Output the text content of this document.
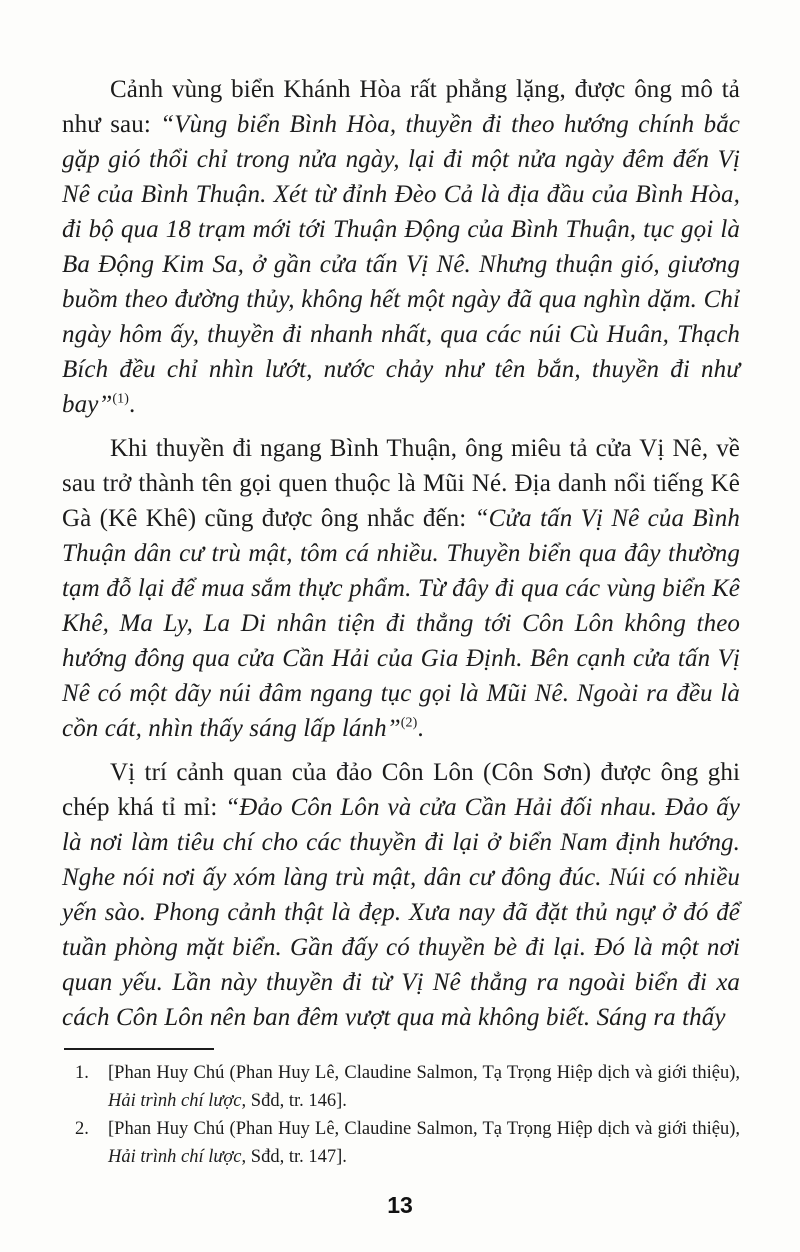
Cảnh vùng biển Khánh Hòa rất phẳng lặng, được ông mô tả như sau: “Vùng biển Bình Hòa, thuyền đi theo hướng chính bắc gặp gió thổi chỉ trong nửa ngày, lại đi một nửa ngày đêm đến Vị Nê của Bình Thuận. Xét từ đỉnh Đèo Cả là địa đầu của Bình Hòa, đi bộ qua 18 trạm mới tới Thuận Động của Bình Thuận, tục gọi là Ba Động Kim Sa, ở gần cửa tấn Vị Nê. Nhưng thuận gió, giương buồm theo đường thủy, không hết một ngày đã qua nghìn dặm. Chỉ ngày hôm ấy, thuyền đi nhanh nhất, qua các núi Cù Huân, Thạch Bích đều chỉ nhìn lướt, nước chảy như tên bắn, thuyền đi như bay”$^{(1)}$.

Khi thuyền đi ngang Bình Thuận, ông miêu tả cửa Vị Nê, về sau trở thành tên gọi quen thuộc là Mũi Né. Địa danh nổi tiếng Kê Gà (Kê Khê) cũng được ông nhắc đến: “Cửa tấn Vị Nê của Bình Thuận dân cư trù mật, tôm cá nhiều. Thuyền biển qua đây thường tạm đỗ lại để mua sắm thực phẩm. Từ đây đi qua các vùng biển Kê Khê, Ma Ly, La Di nhân tiện đi thẳng tới Côn Lôn không theo hướng đông qua cửa Cần Hải của Gia Định. Bên cạnh cửa tấn Vị Nê có một dãy núi đâm ngang tục gọi là Mũi Nê. Ngoài ra đều là cồn cát, nhìn thấy sáng lấp lánh”$^{(2)}$.

Vị trí cảnh quan của đảo Côn Lôn (Côn Sơn) được ông ghi chép khá tỉ mỉ: “Đảo Côn Lôn và cửa Cần Hải đối nhau. Đảo ấy là nơi làm tiêu chí cho các thuyền đi lại ở biển Nam định hướng. Nghe nói nơi ấy xóm làng trù mật, dân cư đông đúc. Núi có nhiều yến sào. Phong cảnh thật là đẹp. Xưa nay đã đặt thủ ngự ở đó để tuần phòng mặt biển. Gần đấy có thuyền bè đi lại. Đó là một nơi quan yếu. Lần này thuyền đi từ Vị Nê thẳng ra ngoài biển đi xa cách Côn Lôn nên ban đêm vượt qua mà không biết. Sáng ra thấy

1.	[Phan Huy Chú (Phan Huy Lê, Claudine Salmon, Tạ Trọng Hiệp dịch và giới thiệu), Hải trình chí lược, Sđd, tr. 146].
2.	[Phan Huy Chú (Phan Huy Lê, Claudine Salmon, Tạ Trọng Hiệp dịch và giới thiệu), Hải trình chí lược, Sđd, tr. 147].
13
